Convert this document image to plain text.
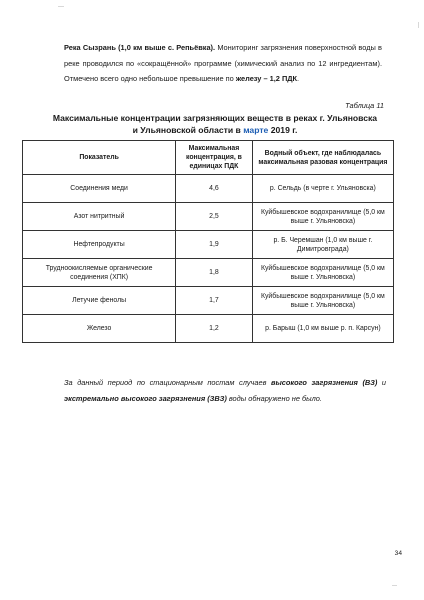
Река Сызрань (1,0 км выше с. Репьёвка). Мониторинг загрязнения поверхностной воды в реке проводился по «сокращённой» программе (химический анализ по 12 ингредиентам). Отмечено всего одно небольшое превышение по железу – 1,2 ПДК.

Таблица 11
Максимальные концентрации загрязняющих веществ в реках г. Ульяновска и Ульяновской области в марте 2019 г.
Показатель	Максимальная концентрация, в единицах ПДК	Водный объект, где наблюдалась максимальная разовая концентрация
Соединения меди	4,6	р. Сельдь (в черте г. Ульяновска)
Азот нитритный	2,5	Куйбышевское водохранилище (5,0 км выше г. Ульяновска)
Нефтепродукты	1,9	р. Б. Черемшан (1,0 км выше г. Димитровграда)
Трудноокисляемые органические соединения (ХПК)	1,8	Куйбышевское водохранилище (5,0 км выше г. Ульяновска)
Летучие фенолы	1,7	Куйбышевское водохранилище (5,0 км выше г. Ульяновска)
Железо	1,2	р. Барыш (1,0 км выше р. п. Карсун)

За данный период по стационарным постам случаев высокого загрязнения (ВЗ) и экстремально высокого загрязнения (ЗВЗ) воды обнаружено не было.

34
